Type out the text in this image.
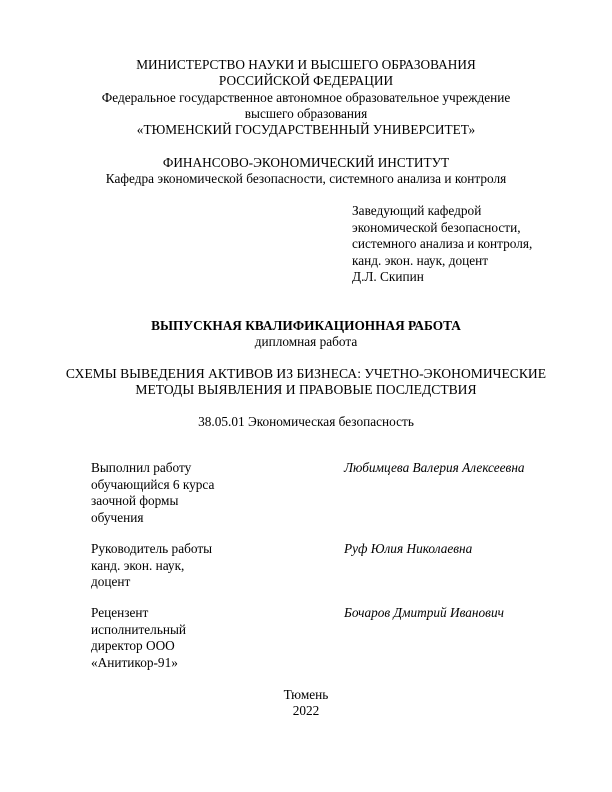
МИНИСТЕРСТВО НАУКИ И ВЫСШЕГО ОБРАЗОВАНИЯ
РОССИЙСКОЙ ФЕДЕРАЦИИ
Федеральное государственное автономное образовательное учреждение
высшего образования
«ТЮМЕНСКИЙ ГОСУДАРСТВЕННЫЙ УНИВЕРСИТЕТ»
ФИНАНСОВО-ЭКОНОМИЧЕСКИЙ ИНСТИТУТ
Кафедра экономической безопасности, системного анализа и контроля
Заведующий кафедрой
экономической безопасности,
системного анализа и контроля,
канд. экон. наук, доцент
Д.Л. Скипин
ВЫПУСКНАЯ КВАЛИФИКАЦИОННАЯ РАБОТА
дипломная работа
СХЕМЫ ВЫВЕДЕНИЯ АКТИВОВ ИЗ БИЗНЕСА: УЧЕТНО-ЭКОНОМИЧЕСКИЕ
МЕТОДЫ ВЫЯВЛЕНИЯ И ПРАВОВЫЕ ПОСЛЕДСТВИЯ
38.05.01 Экономическая безопасность
Выполнил работу
обучающийся 6 курса
заочной формы
обучения
Любимцева Валерия Алексеевна
Руководитель работы
канд. экон. наук,
доцент
Руф Юлия Николаевна
Рецензент
исполнительный
директор ООО
«Анитикор-91»
Бочаров Дмитрий Иванович
Тюмень
2022
